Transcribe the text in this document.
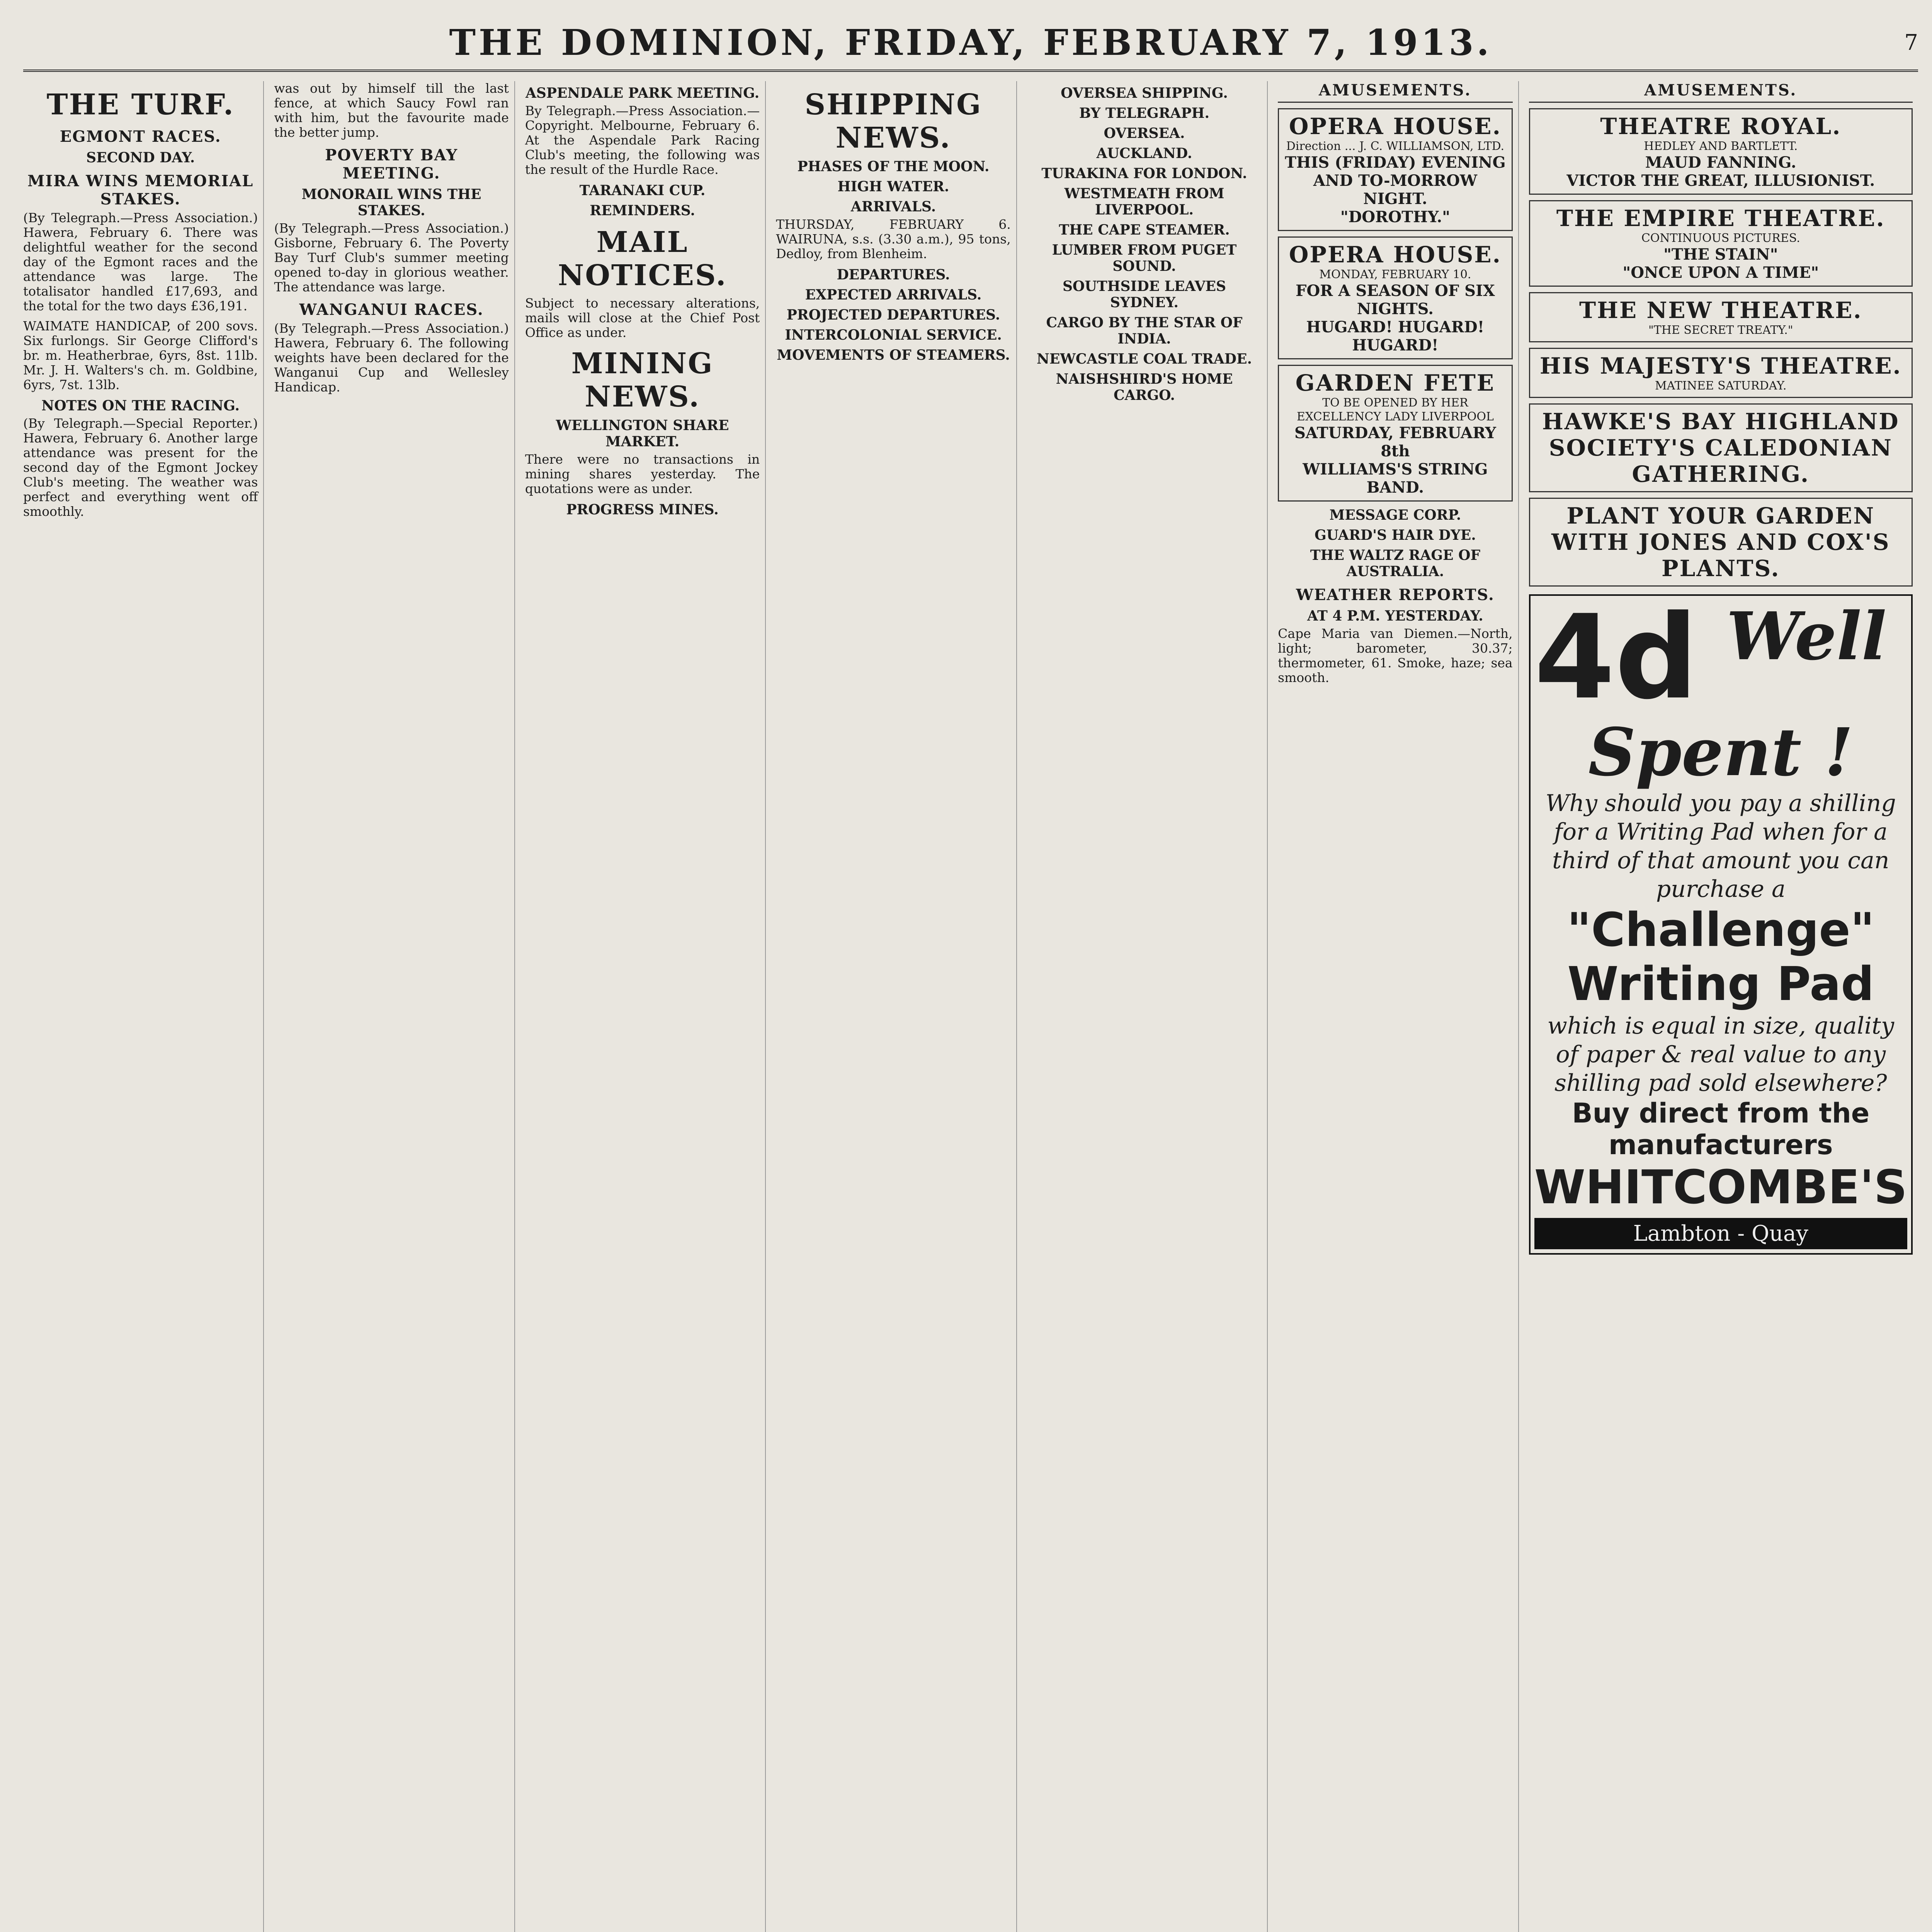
THE DOMINION, FRIDAY, FEBRUARY 7, 1913.	7
THE TURF.
EGMONT RACES.
SECOND DAY.
MIRA WINS MEMORIAL STAKES.

(By Telegraph.—Press Association.) Hawera, February 6. There was delightful weather for the second day of the Egmont races and the attendance was large. The totalisator handled £17,693, and the total for the two days £36,191.

WAIMATE HANDICAP, of 200 sovs. Six furlongs. Sir George Clifford's br. m. Heatherbrae, 6yrs, 8st. 11lb. Mr. J. H. Walters's ch. m. Goldbine, 6yrs, 7st. 13lb.

NOTES ON THE RACING.

(By Telegraph.—Special Reporter.) Hawera, February 6. Another large attendance was present for the second day of the Egmont Jockey Club's meeting. The weather was perfect and everything went off smoothly.

was out by himself till the last fence, at which Saucy Fowl ran with him, but the favourite made the better jump.

POVERTY BAY MEETING.
MONORAIL WINS THE STAKES.

(By Telegraph.—Press Association.) Gisborne, February 6. The Poverty Bay Turf Club's summer meeting opened to-day in glorious weather. The attendance was large.

WANGANUI RACES.

(By Telegraph.—Press Association.) Hawera, February 6. The following weights have been declared for the Wanganui Cup and Wellesley Handicap.

ASPENDALE PARK MEETING.

By Telegraph.—Press Association.—Copyright. Melbourne, February 6. At the Aspendale Park Racing Club's meeting, the following was the result of the Hurdle Race.

TARANAKI CUP.
REMINDERS.
MAIL NOTICES.

Subject to necessary alterations, mails will close at the Chief Post Office as under.

MINING NEWS.
WELLINGTON SHARE MARKET.

There were no transactions in mining shares yesterday. The quotations were as under.

PROGRESS MINES.
SHIPPING NEWS.
PHASES OF THE MOON.
HIGH WATER.
ARRIVALS.

THURSDAY, FEBRUARY 6. WAIRUNA, s.s. (3.30 a.m.), 95 tons, Dedloy, from Blenheim.

DEPARTURES.
EXPECTED ARRIVALS.
PROJECTED DEPARTURES.
INTERCOLONIAL SERVICE.
MOVEMENTS OF STEAMERS.
OVERSEA SHIPPING.
BY TELEGRAPH.
OVERSEA.
AUCKLAND.
TURAKINA FOR LONDON.
WESTMEATH FROM LIVERPOOL.
THE CAPE STEAMER.
LUMBER FROM PUGET SOUND.
SOUTHSIDE LEAVES SYDNEY.
CARGO BY THE STAR OF INDIA.
NEWCASTLE COAL TRADE.
NAISHSHIRD'S HOME CARGO.
AMUSEMENTS.
OPERA HOUSE.
Direction ... J. C. WILLIAMSON, LTD.
THIS (FRIDAY) EVENING AND TO-MORROW NIGHT.
"DOROTHY."
OPERA HOUSE.
MONDAY, FEBRUARY 10.
FOR A SEASON OF SIX NIGHTS.
HUGARD! HUGARD! HUGARD!
GARDEN FETE
TO BE OPENED BY HER EXCELLENCY LADY LIVERPOOL
SATURDAY, FEBRUARY 8th
WILLIAMS'S STRING BAND.
MESSAGE CORP.
GUARD'S HAIR DYE.
THE WALTZ RAGE OF AUSTRALIA.
WEATHER REPORTS.
AT 4 P.M. YESTERDAY.

Cape Maria van Diemen.—North, light; barometer, 30.37; thermometer, 61. Smoke, haze; sea smooth.

AMUSEMENTS.
THEATRE ROYAL.
HEDLEY AND BARTLETT.
MAUD FANNING.
VICTOR THE GREAT, ILLUSIONIST.
THE EMPIRE THEATRE.
CONTINUOUS PICTURES.
"THE STAIN"
"ONCE UPON A TIME"
THE NEW THEATRE.
"THE SECRET TREATY."
HIS MAJESTY'S THEATRE.
MATINEE SATURDAY.
HAWKE'S BAY HIGHLAND SOCIETY'S CALEDONIAN GATHERING.
PLANT YOUR GARDEN WITH JONES AND COX'S PLANTS.
4d Well Spent !
Why should you pay a shilling for a Writing Pad when for a third of that amount you can purchase a
"Challenge" Writing Pad
which is equal in size, quality of paper & real value to any shilling pad sold elsewhere?
Buy direct from the manufacturers
WHITCOMBE'S
Lambton - Quay
